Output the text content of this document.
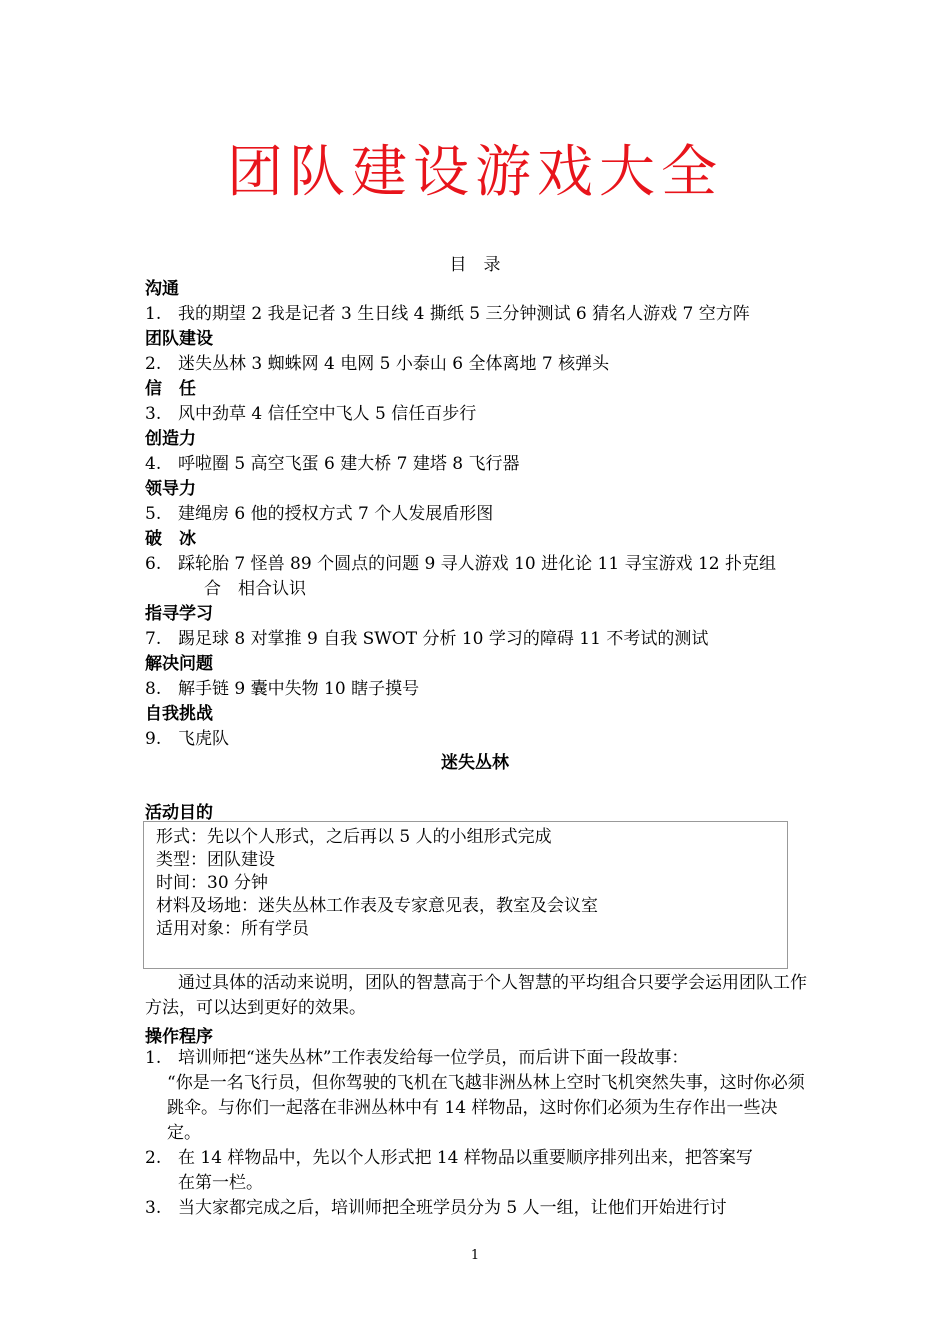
团队建设游戏大全
目　录
沟通
1. 我的期望 2 我是记者 3 生日线 4 撕纸 5 三分钟测试 6 猜名人游戏 7 空方阵
团队建设
2. 迷失丛林 3 蜘蛛网 4 电网 5 小泰山 6 全体离地 7 核弹头
信　任
3. 风中劲草 4 信任空中飞人 5 信任百步行
创造力
4. 呼啦圈 5 高空飞蛋 6 建大桥 7 建塔 8 飞行器
领导力
5. 建绳房 6 他的授权方式 7 个人发展盾形图
破　冰
6. 踩轮胎 7 怪兽 89 个圆点的问题 9 寻人游戏 10 进化论 11 寻宝游戏 12 扑克组
合　相合认识
指寻学习
7. 踢足球 8 对掌推 9 自我 SWOT 分析 10 学习的障碍 11 不考试的测试
解决问题
8. 解手链 9 囊中失物 10 瞎子摸号
自我挑战
9. 飞虎队
迷失丛林
活动目的
形式：先以个人形式，之后再以 5 人的小组形式完成
类型：团队建设
时间：30 分钟
材料及场地：迷失丛林工作表及专家意见表，教室及会议室
适用对象：所有学员
通过具体的活动来说明，团队的智慧高于个人智慧的平均组合只要学会运用团队工作方法，可以达到更好的效果。
操作程序
1. 培训师把“迷失丛林”工作表发给每一位学员，而后讲下面一段故事：
“你是一名飞行员，但你驾驶的飞机在飞越非洲丛林上空时飞机突然失事，这时你必须跳伞。与你们一起落在非洲丛林中有 14 样物品，这时你们必须为生存作出一些决定。
2. 在 14 样物品中，先以个人形式把 14 样物品以重要顺序排列出来，把答案写
在第一栏。
3. 当大家都完成之后，培训师把全班学员分为 5 人一组，让他们开始进行讨
1
